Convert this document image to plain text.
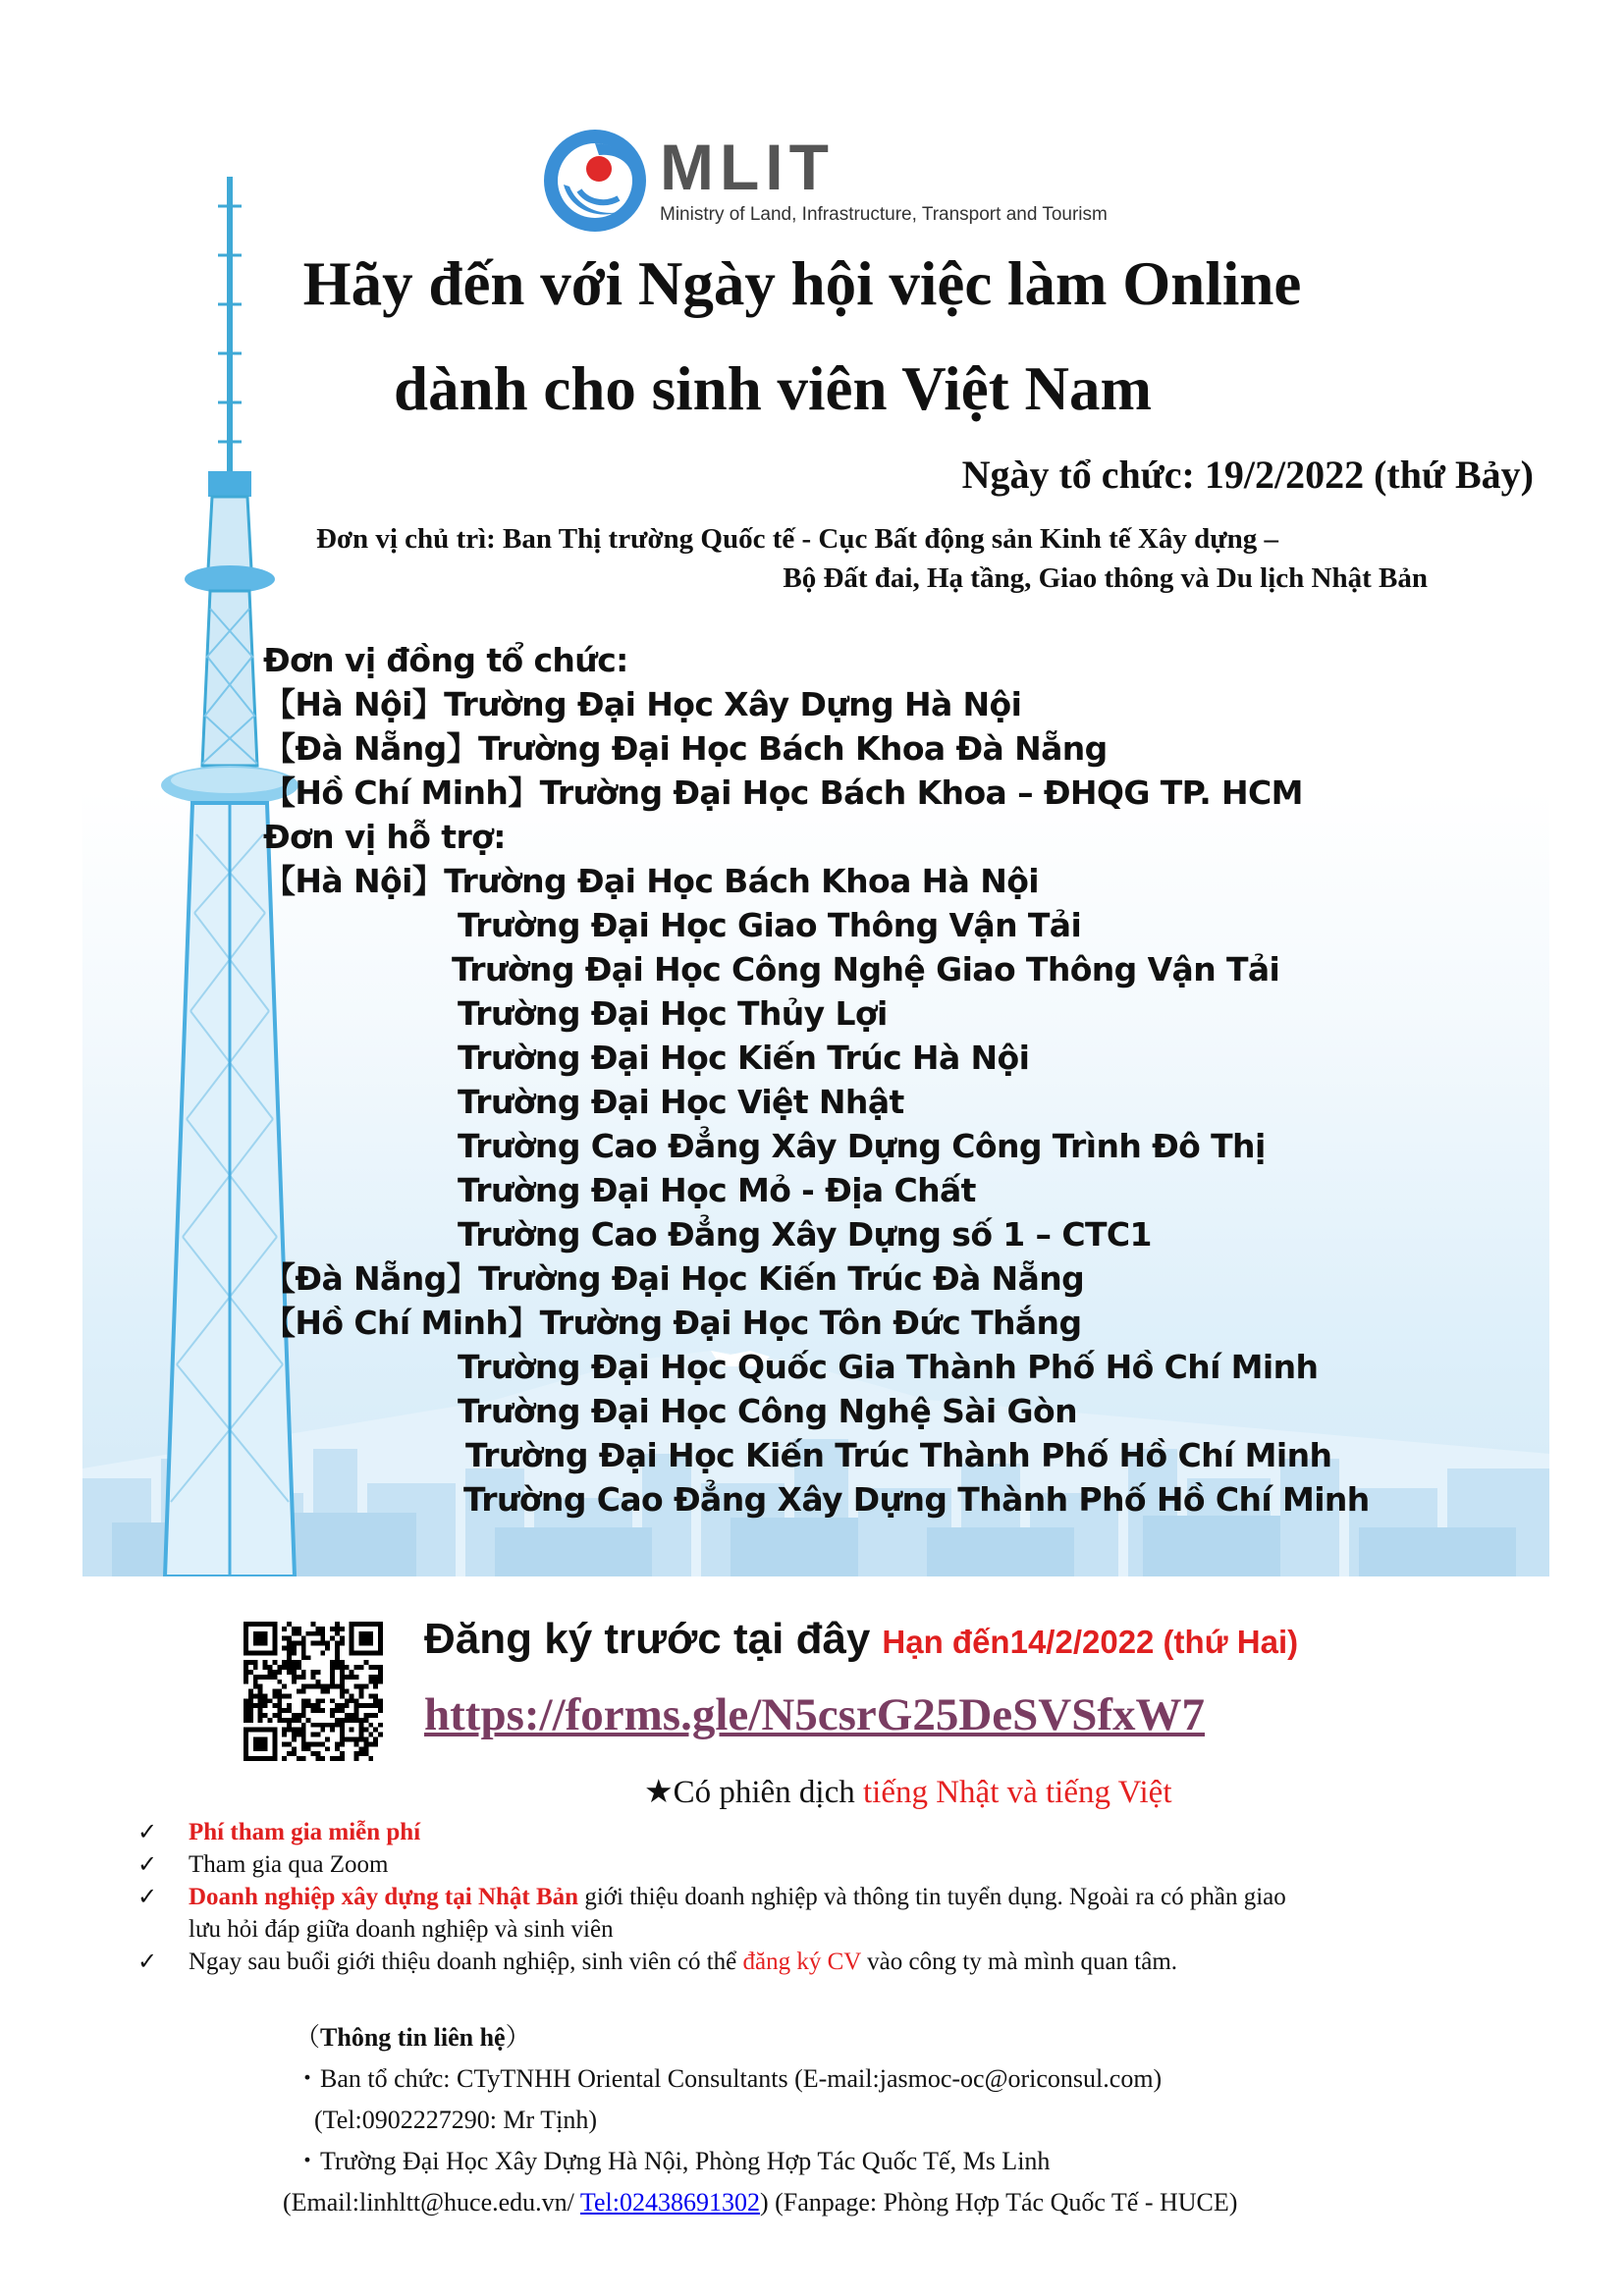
MLIT
Ministry of Land, Infrastructure, Transport and Tourism
Hãy đến với Ngày hội việc làm Online
dành cho sinh viên Việt Nam
Ngày tổ chức: 19/2/2022 (thứ Bảy)
Đơn vị chủ trì: Ban Thị trường Quốc tế - Cục Bất động sản Kinh tế Xây dựng –
Bộ Đất đai, Hạ tầng, Giao thông và Du lịch Nhật Bản
Đơn vị đồng tổ chức:
【Hà Nội】Trường Đại Học Xây Dựng Hà Nội
【Đà Nẵng】Trường Đại Học Bách Khoa Đà Nẵng
【Hồ Chí Minh】Trường Đại Học Bách Khoa – ĐHQG TP. HCM
Đơn vị hỗ trợ:
【Hà Nội】Trường Đại Học Bách Khoa Hà Nội
Trường Đại Học Giao Thông Vận Tải
Trường Đại Học Công Nghệ Giao Thông Vận Tải
Trường Đại Học Thủy Lợi
Trường Đại Học Kiến Trúc Hà Nội
Trường Đại Học Việt Nhật
Trường Cao Đẳng Xây Dựng Công Trình Đô Thị
Trường Đại Học Mỏ - Địa Chất
Trường Cao Đẳng Xây Dựng số 1 – CTC1
【Đà Nẵng】Trường Đại Học Kiến Trúc Đà Nẵng
【Hồ Chí Minh】Trường Đại Học Tôn Đức Thắng
Trường Đại Học Quốc Gia Thành Phố Hồ Chí Minh
Trường Đại Học Công Nghệ Sài Gòn
Trường Đại Học Kiến Trúc Thành Phố Hồ Chí Minh
Trường Cao Đẳng Xây Dựng Thành Phố Hồ Chí Minh
Đăng ký trước tại đây Hạn đến14/2/2022 (thứ Hai)
https://forms.gle/N5csrG25DeSVSfxW7
★Có phiên dịch tiếng Nhật và tiếng Việt
✓ Phí tham gia miễn phí
✓ Tham gia qua Zoom
✓ Doanh nghiệp xây dựng tại Nhật Bản giới thiệu doanh nghiệp và thông tin tuyển dụng. Ngoài ra có phần giao
lưu hỏi đáp giữa doanh nghiệp và sinh viên
✓ Ngay sau buổi giới thiệu doanh nghiệp, sinh viên có thể đăng ký CV vào công ty mà mình quan tâm.
（Thông tin liên hệ）
・Ban tổ chức: CTyTNHH Oriental Consultants (E-mail:jasmoc-oc@oriconsul.com)
(Tel:0902227290: Mr Tịnh)
・Trường Đại Học Xây Dựng Hà Nội, Phòng Hợp Tác Quốc Tế, Ms Linh
(Email:linhltt@huce.edu.vn/ Tel:02438691302) (Fanpage: Phòng Hợp Tác Quốc Tế - HUCE)
